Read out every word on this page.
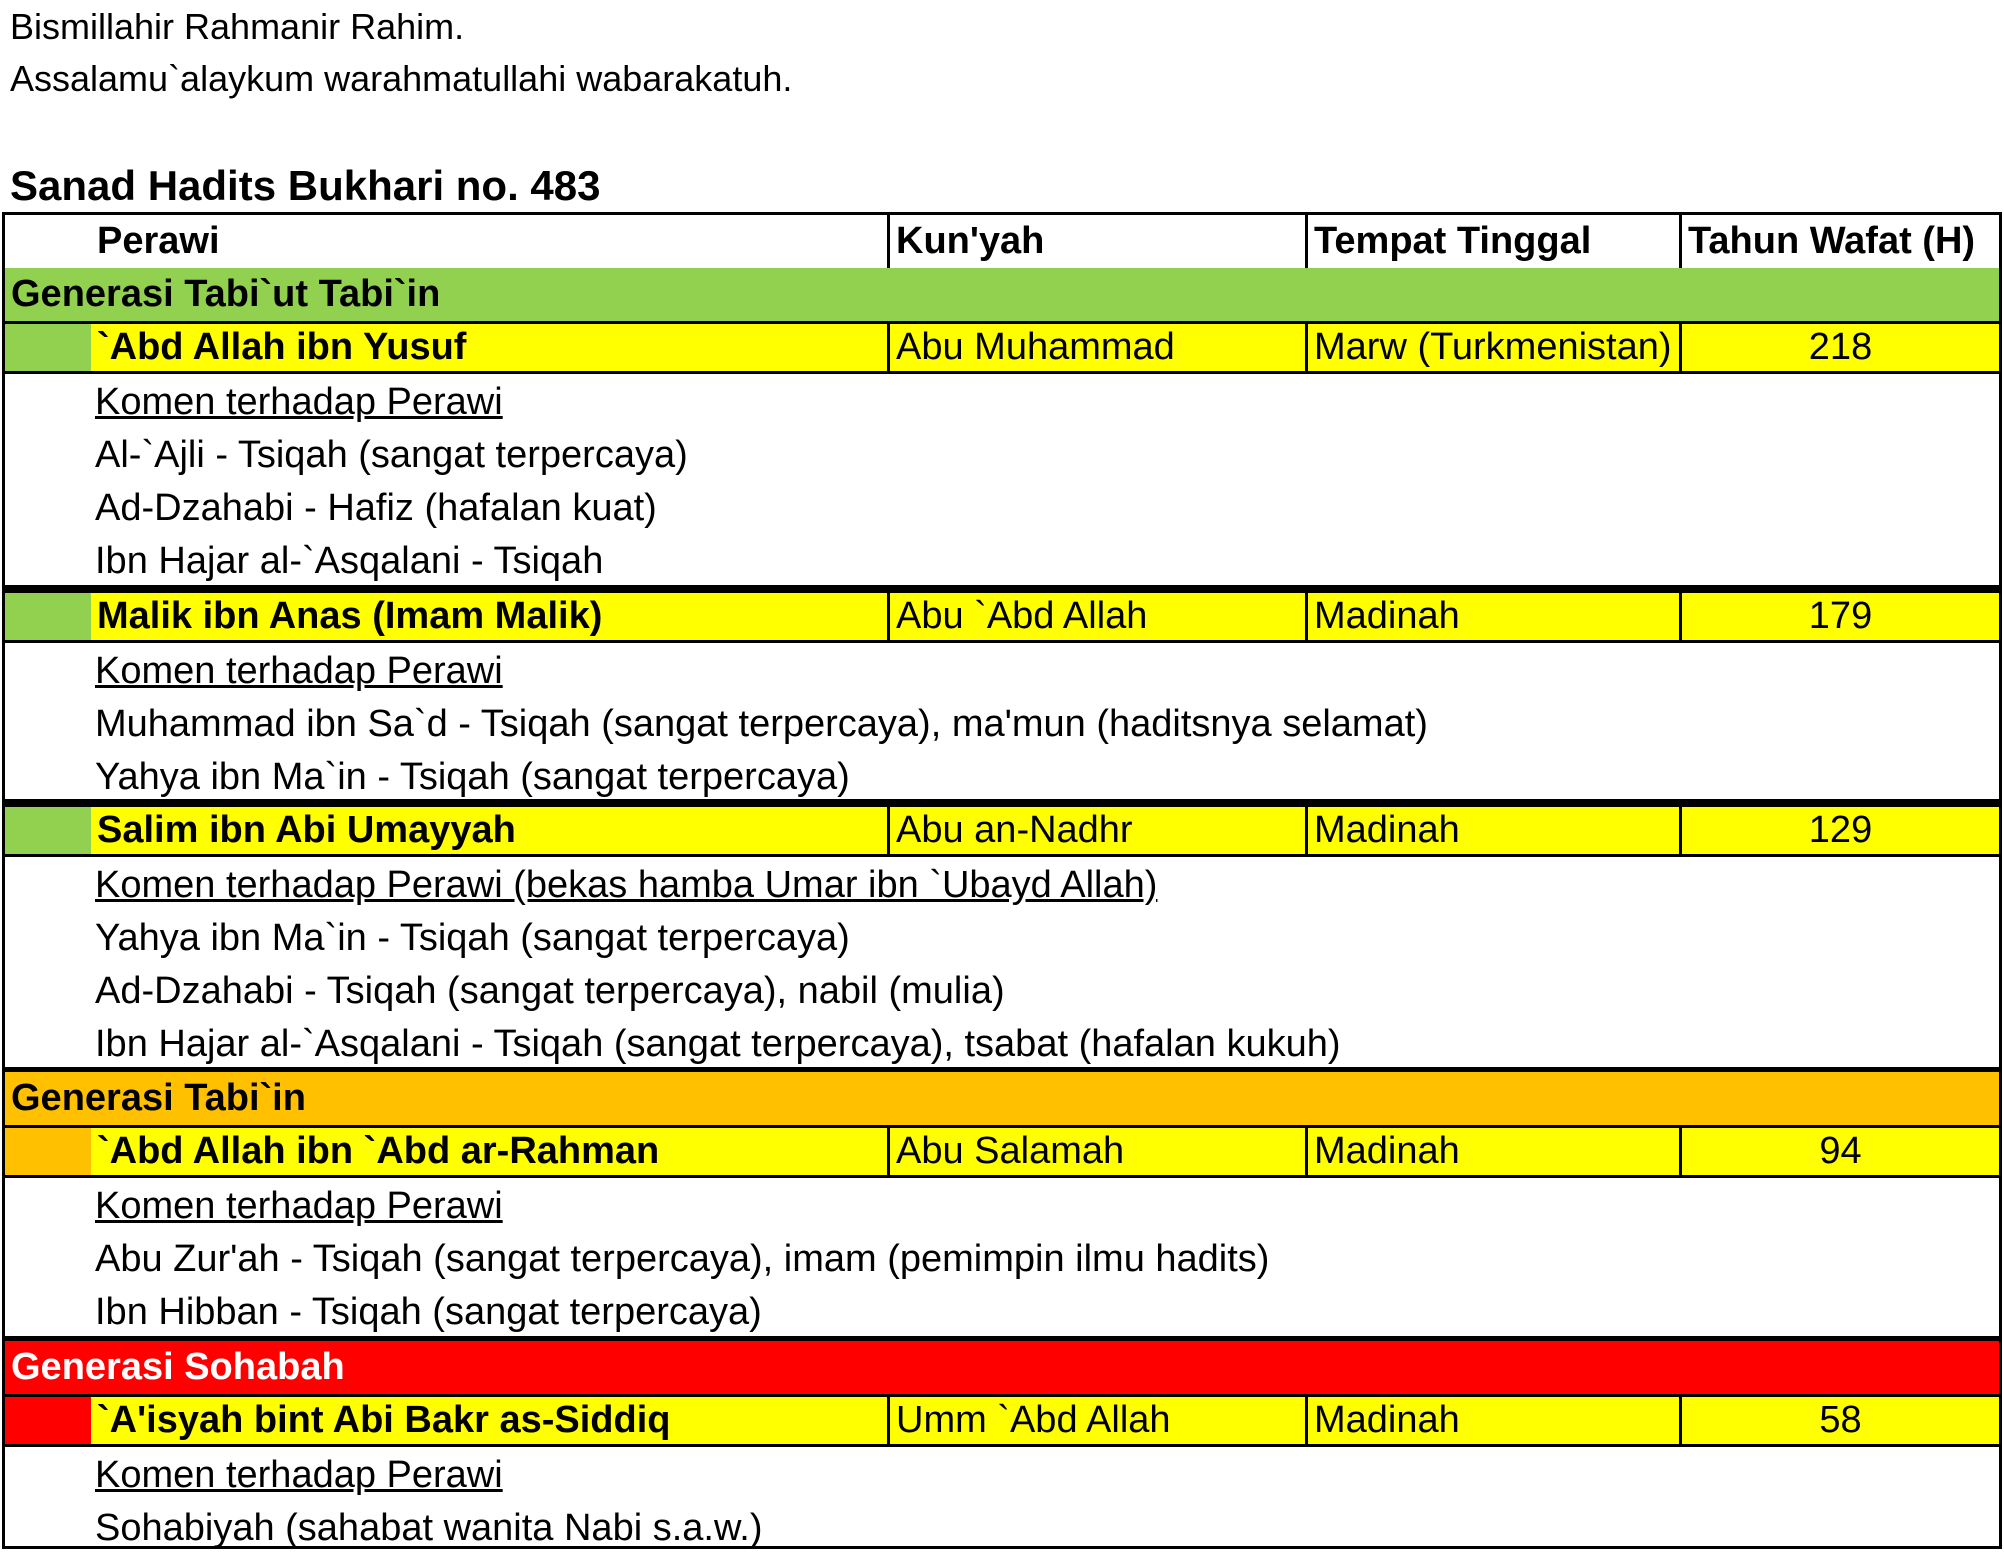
Bismillahir Rahmanir Rahim.
Assalamu`alaykum warahmatullahi wabarakatuh.
Sanad Hadits Bukhari no. 483
Perawi	Kun'yah	Tempat Tinggal	Tahun Wafat (H)
Generasi Tabi`ut Tabi`in
`Abd Allah ibn Yusuf	Abu Muhammad	Marw (Turkmenistan)	218
Komen terhadap Perawi
Al-`Ajli - Tsiqah (sangat terpercaya)
Ad-Dzahabi - Hafiz (hafalan kuat)
Ibn Hajar al-`Asqalani - Tsiqah
Malik ibn Anas (Imam Malik)	Abu `Abd Allah	Madinah	179
Komen terhadap Perawi
Muhammad ibn Sa`d - Tsiqah (sangat terpercaya), ma'mun (haditsnya selamat)
Yahya ibn Ma`in - Tsiqah (sangat terpercaya)
Salim ibn Abi Umayyah	Abu an-Nadhr	Madinah	129
Komen terhadap Perawi (bekas hamba Umar ibn `Ubayd Allah)
Yahya ibn Ma`in - Tsiqah (sangat terpercaya)
Ad-Dzahabi - Tsiqah (sangat terpercaya), nabil (mulia)
Ibn Hajar al-`Asqalani - Tsiqah (sangat terpercaya), tsabat (hafalan kukuh)
Generasi Tabi`in
`Abd Allah ibn `Abd ar-Rahman	Abu Salamah	Madinah	94
Komen terhadap Perawi
Abu Zur'ah - Tsiqah (sangat terpercaya), imam (pemimpin ilmu hadits)
Ibn Hibban - Tsiqah (sangat terpercaya)
Generasi Sohabah
`A'isyah bint Abi Bakr as-Siddiq	Umm `Abd Allah	Madinah	58
Komen terhadap Perawi
Sohabiyah (sahabat wanita Nabi s.a.w.)
